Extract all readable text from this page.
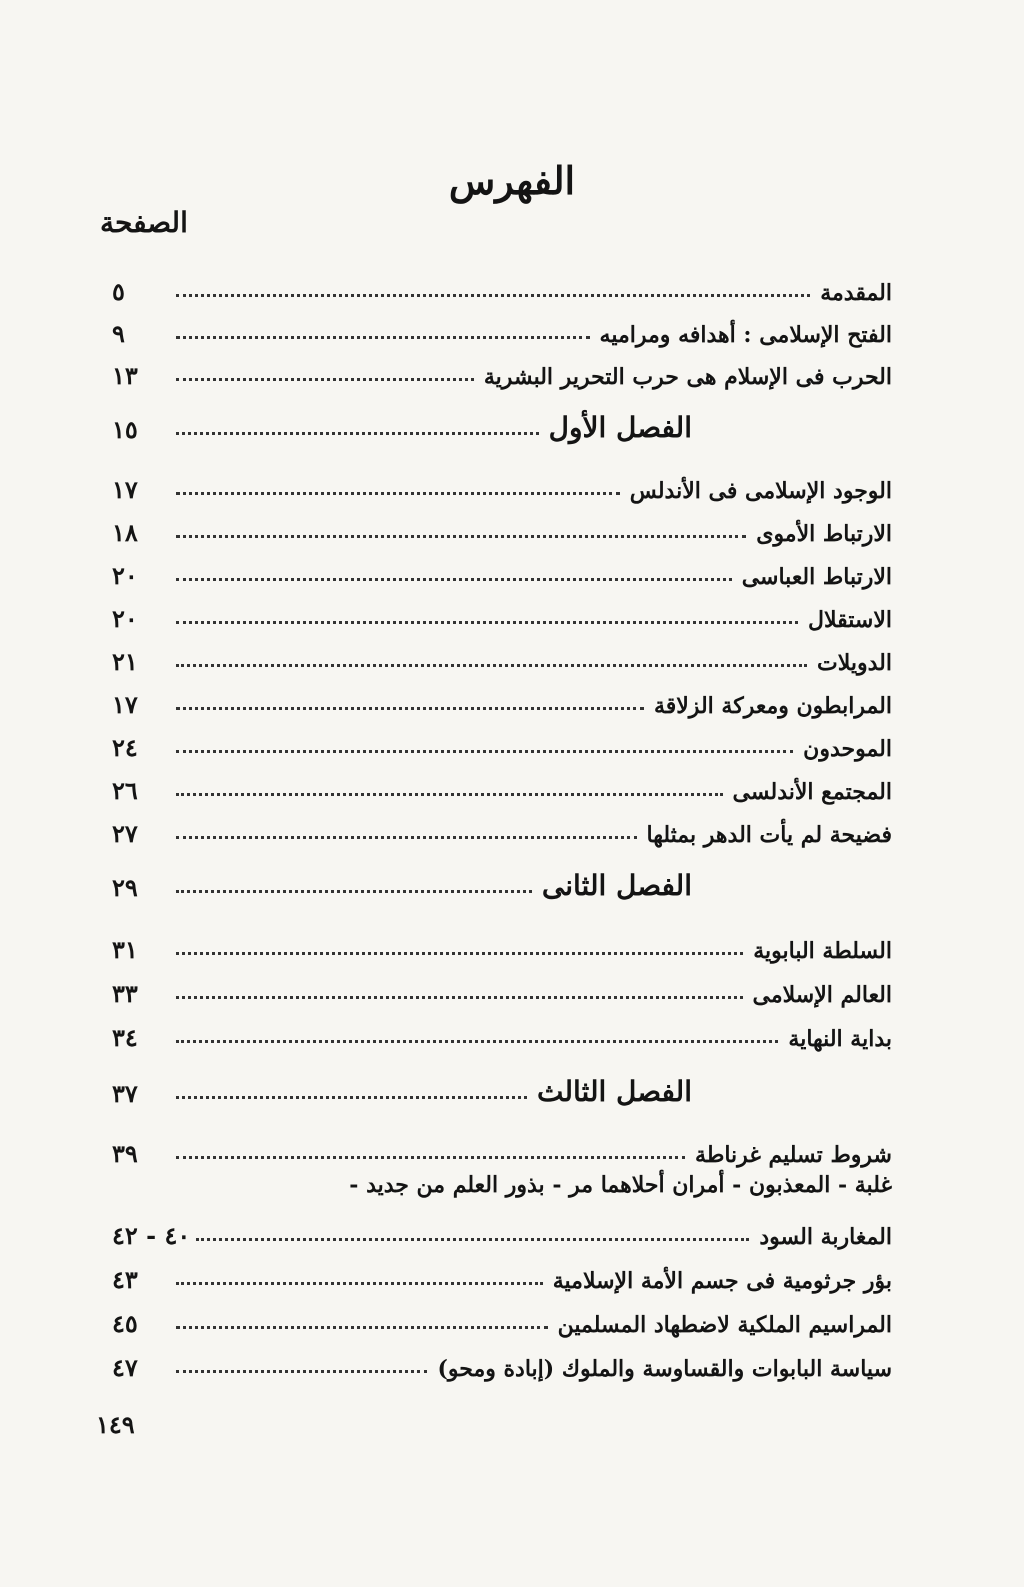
الفهرس
الصفحة
المقدمة
٥
الفتح الإسلامى : أهدافه ومراميه
٩
الحرب فى الإسلام هى حرب التحرير البشرية
١٣
الفصل الأول
١٥
الوجود الإسلامى فى الأندلس
١٧
الارتباط الأموى
١٨
الارتباط العباسى
٢٠
الاستقلال
٢٠
الدويلات
٢١
المرابطون ومعركة الزلاقة
١٧
الموحدون
٢٤
المجتمع الأندلسى
٢٦
فضيحة لم يأت الدهر بمثلها
٢٧
الفصل الثانى
٢٩
السلطة البابوية
٣١
العالم الإسلامى
٣٣
بداية النهاية
٣٤
الفصل الثالث
٣٧
شروط تسليم غرناطة
٣٩
غلبة - المعذبون - أمران أحلاهما مر - بذور العلم من جديد -
المغاربة السود
٤٠ - ٤٢
بؤر جرثومية فى جسم الأمة الإسلامية
٤٣
المراسيم الملكية لاضطهاد المسلمين
٤٥
سياسة البابوات والقساوسة والملوك (إبادة ومحو)
٤٧
١٤٩
